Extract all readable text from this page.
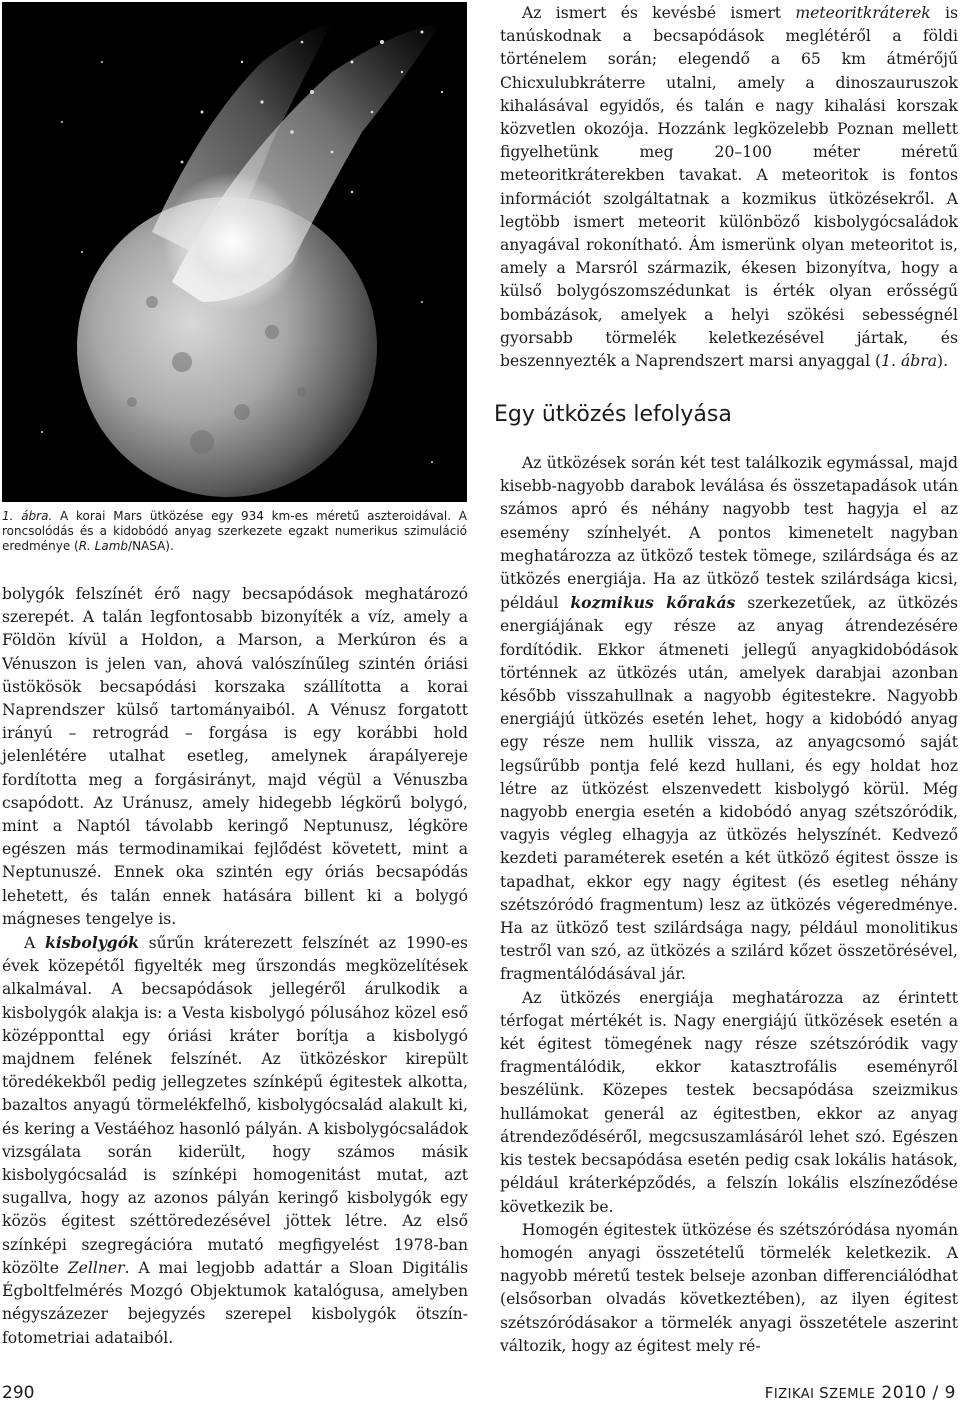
1. ábra. A korai Mars ütközése egy 934 km-es méretű aszteroidával. A roncsolódás és a kidobódó anyag szerkezete egzakt numerikus szimuláció eredménye (R. Lamb/NASA).

Az ismert és kevésbé ismert meteoritkráterek is tanúskodnak a becsapódások meglétéről a földi történelem során; elegendő a 65 km átmérőjű Chicxulubkráterre utalni, amely a dinoszauruszok kihalásával egyidős, és talán e nagy kihalási korszak közvetlen okozója. Hozzánk legközelebb Poznan mellett figyelhetünk meg 20–100 méter méretű meteoritkráterekben tavakat. A meteoritok is fontos információt szolgáltatnak a kozmikus ütközésekről. A legtöbb ismert meteorit különböző kisbolygócsaládok anyagával rokonítható. Ám ismerünk olyan meteoritot is, amely a Marsról származik, ékesen bizonyítva, hogy a külső bolygószomszédunkat is érték olyan erősségű bombázások, amelyek a helyi szökési sebességnél gyorsabb törmelék keletkezésével jártak, és beszennyezték a Naprendszert marsi anyaggal (1. ábra).

Egy ütközés lefolyása

Az ütközések során két test találkozik egymással, majd kisebb-nagyobb darabok leválása és összetapadások után számos apró és néhány nagyobb test hagyja el az esemény színhelyét. A pontos kimenetelt nagyban meghatározza az ütköző testek tömege, szilárdsága és az ütközés energiája. Ha az ütköző testek szilárdsága kicsi, például kozmikus kőrakás szerkezetűek, az ütközés energiájának egy része az anyag átrendezésére fordítódik. Ekkor átmeneti jellegű anyagkidobódások történnek az ütközés után, amelyek darabjai azonban később visszahullnak a nagyobb égitestekre. Nagyobb energiájú ütközés esetén lehet, hogy a kidobódó anyag egy része nem hullik vissza, az anyagcsomó saját legsűrűbb pontja felé kezd hullani, és egy holdat hoz létre az ütközést elszenvedett kisbolygó körül. Még nagyobb energia esetén a kidobódó anyag szétszóródik, vagyis végleg elhagyja az ütközés helyszínét. Kedvező kezdeti paraméterek esetén a két ütköző égitest össze is tapadhat, ekkor egy nagy égitest (és esetleg néhány szétszóródó fragmentum) lesz az ütközés végeredménye. Ha az ütköző test szilárdsága nagy, például monolitikus testről van szó, az ütközés a szilárd kőzet összetörésével, fragmentálódásával jár.

Az ütközés energiája meghatározza az érintett térfogat mértékét is. Nagy energiájú ütközések esetén a két égitest tömegének nagy része szétszóródik vagy fragmentálódik, ekkor katasztrofális eseményről beszélünk. Közepes testek becsapódása szeizmikus hullámokat generál az égitestben, ekkor az anyag átrendeződéséről, megcsuszamlásáról lehet szó. Egészen kis testek becsapódása esetén pedig csak lokális hatások, például kráterképződés, a felszín lokális elszíneződése következik be.

Homogén égitestek ütközése és szétszóródása nyomán homogén anyagi összetételű törmelék keletkezik. A nagyobb méretű testek belseje azonban differenciálódhat (elsősorban olvadás következtében), az ilyen égitest szétszóródásakor a törmelék anyagi összetétele aszerint változik, hogy az égitest mely ré-

bolygók felszínét érő nagy becsapódások meghatározó szerepét. A talán legfontosabb bizonyíték a víz, amely a Földön kívül a Holdon, a Marson, a Merkúron és a Vénuszon is jelen van, ahová valószínűleg szintén óriási üstökösök becsapódási korszaka szállította a korai Naprendszer külső tartományaiból. A Vénusz forgatott irányú – retrográd – forgása is egy korábbi hold jelenlétére utalhat esetleg, amelynek árapályereje fordította meg a forgásirányt, majd végül a Vénuszba csapódott. Az Uránusz, amely hidegebb légkörű bolygó, mint a Naptól távolabb keringő Neptunusz, légköre egészen más termodinamikai fejlődést követett, mint a Neptunuszé. Ennek oka szintén egy óriás becsapódás lehetett, és talán ennek hatására billent ki a bolygó mágneses tengelye is.

A kisbolygók sűrűn kráterezett felszínét az 1990-es évek közepétől figyelték meg űrszondás megközelítések alkalmával. A becsapódások jellegéről árulkodik a kisbolygók alakja is: a Vesta kisbolygó pólusához közel eső középponttal egy óriási kráter borítja a kisbolygó majdnem felének felszínét. Az ütközéskor kirepült töredékekből pedig jellegzetes színképű égitestek alkotta, bazaltos anyagú törmelékfelhő, kisbolygócsalád alakult ki, és kering a Vestáéhoz hasonló pályán. A kisbolygócsaládok vizsgálata során kiderült, hogy számos másik kisbolygócsalád is színképi homogenitást mutat, azt sugallva, hogy az azonos pályán keringő kisbolygók egy közös égitest széttöredezésével jöttek létre. Az első színképi szegregációra mutató megfigyelést 1978-ban közölte Zellner. A mai legjobb adattár a Sloan Digitális Égboltfelmérés Mozgó Objektumok katalógusa, amelyben négyszázezer bejegyzés szerepel kisbolygók ötszín-fotometriai adataiból.

290	FIZIKAI SZEMLE 2010 / 9
